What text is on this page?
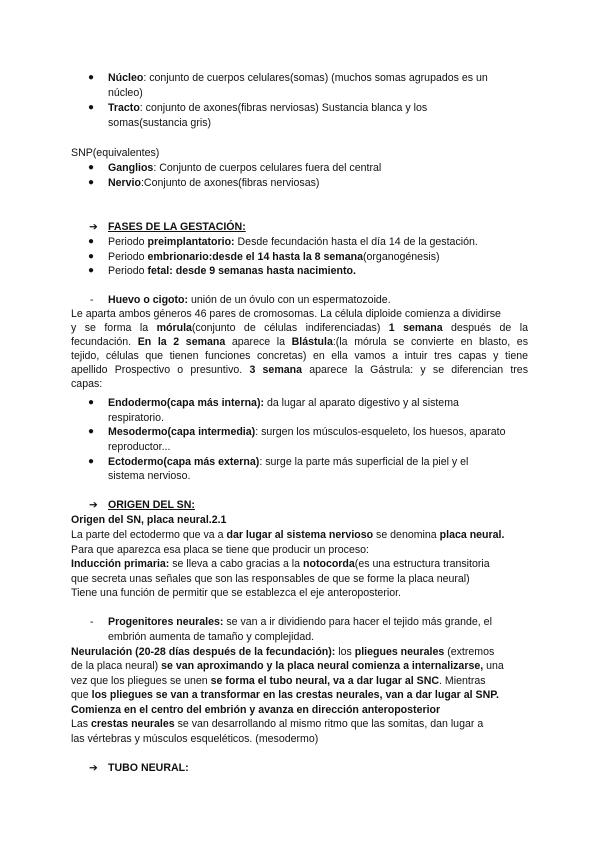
● Núcleo: conjunto de cuerpos celulares(somas) (muchos somas agrupados es un
núcleo)
● Tracto: conjunto de axones(fibras nerviosas) Sustancia blanca y los
somas(sustancia gris)
SNP(equivalentes)
● Ganglios: Conjunto de cuerpos celulares fuera del central
● Nervio:Conjunto de axones(fibras nerviosas)
➔ FASES DE LA GESTACIÓN:
● Periodo preimplantatorio: Desde fecundación hasta el día 14 de la gestación.
● Periodo embrionario:desde el 14 hasta la 8 semana(organogénesis)
● Periodo fetal: desde 9 semanas hasta nacimiento.
- Huevo o cigoto: unión de un óvulo con un espermatozoide.
Le aparta ambos géneros 46 pares de cromosomas. La célula diploide comienza a dividirse
y se forma la mórula(conjunto de células indiferenciadas) 1 semana después de la
fecundación. En la 2 semana aparece la Blástula:(la mórula se convierte en blasto, es
tejido, células que tienen funciones concretas) en ella vamos a intuir tres capas y tiene
apellido Prospectivo o presuntivo. 3 semana aparece la Gástrula: y se diferencian tres
capas:
● Endodermo(capa más interna): da lugar al aparato digestivo y al sistema
respiratorio.
● Mesodermo(capa intermedia): surgen los músculos-esqueleto, los huesos, aparato
reproductor...
● Ectodermo(capa más externa): surge la parte más superficial de la piel y el
sistema nervioso.
➔ ORIGEN DEL SN:
Origen del SN, placa neural.2.1
La parte del ectodermo que va a dar lugar al sistema nervioso se denomina placa neural.
Para que aparezca esa placa se tiene que producir un proceso:
Inducción primaria: se lleva a cabo gracias a la notocorda(es una estructura transitoria
que secreta unas señales que son las responsables de que se forme la placa neural)
Tiene una función de permitir que se establezca el eje anteroposterior.
- Progenitores neurales: se van a ir dividiendo para hacer el tejido más grande, el
embrión aumenta de tamaño y complejidad.
Neurulación (20-28 días después de la fecundación): los pliegues neurales (extremos
de la placa neural) se van aproximando y la placa neural comienza a internalizarse, una
vez que los pliegues se unen se forma el tubo neural, va a dar lugar al SNC. Mientras
que los pliegues se van a transformar en las crestas neurales, van a dar lugar al SNP.
Comienza en el centro del embrión y avanza en dirección anteroposterior
Las crestas neurales se van desarrollando al mismo ritmo que las somitas, dan lugar a
las vértebras y músculos esqueléticos. (mesodermo)
➔ TUBO NEURAL:
